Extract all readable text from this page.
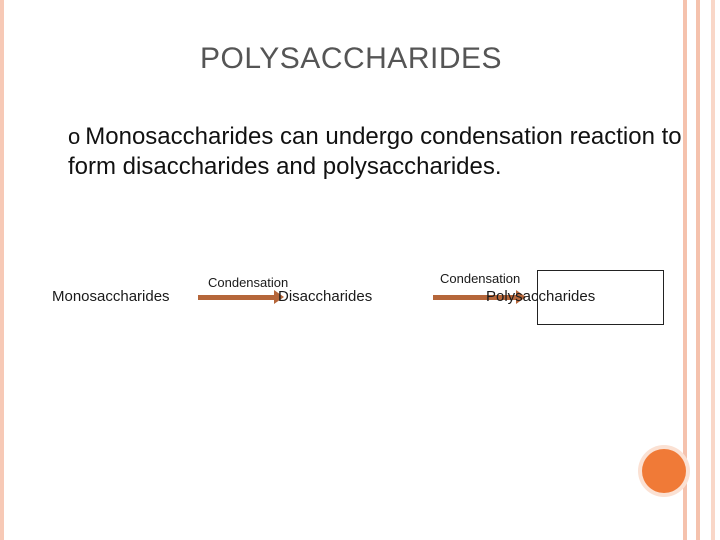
POLYSACCHARIDES
o Monosaccharides can undergo condensation reaction to form disaccharides and polysaccharides.
Monosaccharides
Condensation
Disaccharides
Condensation
Polysaccharides
